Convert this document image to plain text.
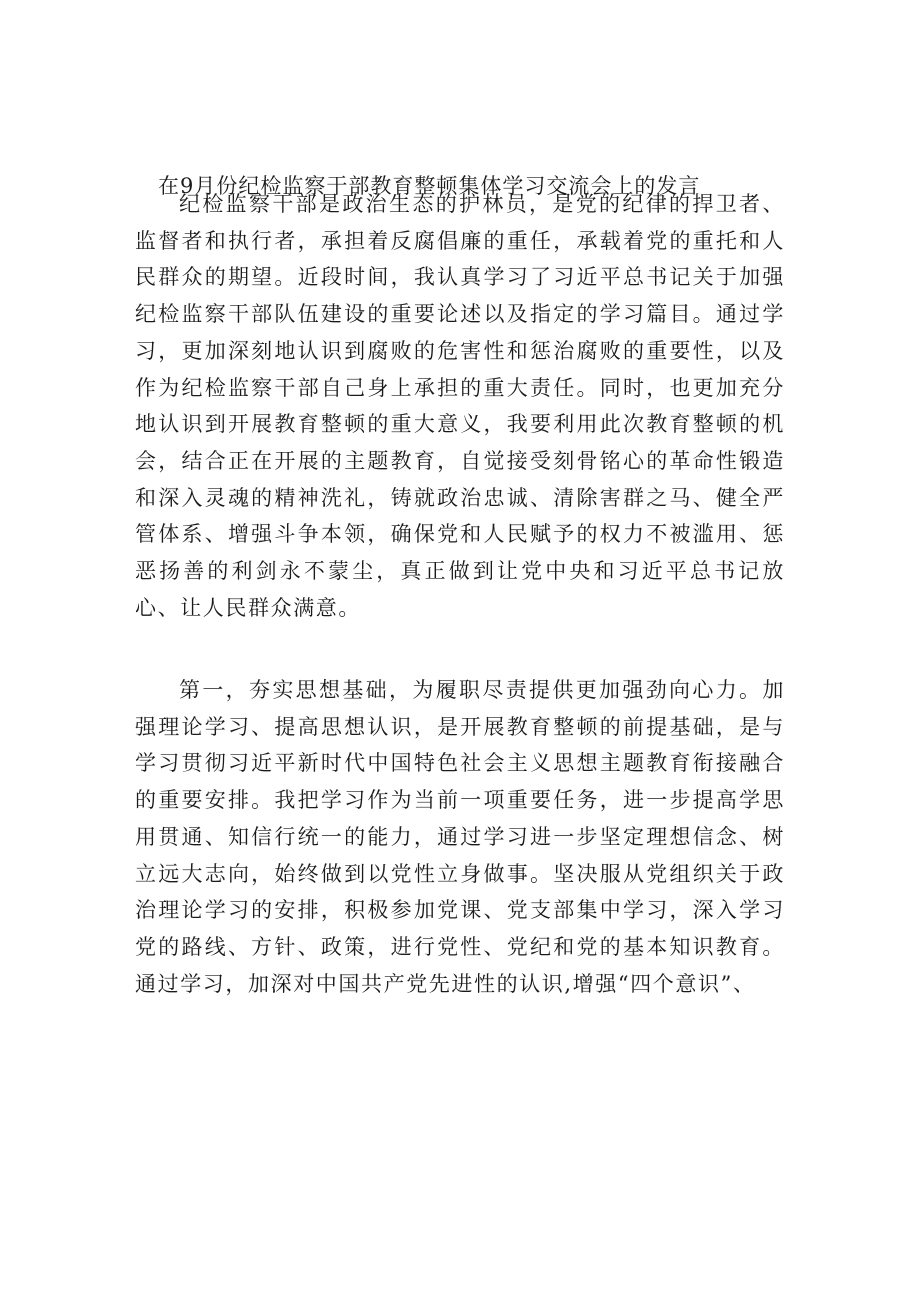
在9月份纪检监察干部教育整顿集体学习交流会上的发言

纪检监察干部是政治生态的护林员，是党的纪律的捍卫者、监督者和执行者，承担着反腐倡廉的重任，承载着党的重托和人民群众的期望。近段时间，我认真学习了习近平总书记关于加强纪检监察干部队伍建设的重要论述以及指定的学习篇目。通过学习，更加深刻地认识到腐败的危害性和惩治腐败的重要性，以及作为纪检监察干部自己身上承担的重大责任。同时，也更加充分地认识到开展教育整顿的重大意义，我要利用此次教育整顿的机会，结合正在开展的主题教育，自觉接受刻骨铭心的革命性锻造和深入灵魂的精神洗礼，铸就政治忠诚、清除害群之马、健全严管体系、增强斗争本领，确保党和人民赋予的权力不被滥用、惩恶扬善的利剑永不蒙尘，真正做到让党中央和习近平总书记放心、让人民群众满意。

第一，夯实思想基础，为履职尽责提供更加强劲向心力。加强理论学习、提高思想认识，是开展教育整顿的前提基础，是与学习贯彻习近平新时代中国特色社会主义思想主题教育衔接融合的重要安排。我把学习作为当前一项重要任务，进一步提高学思用贯通、知信行统一的能力，通过学习进一步坚定理想信念、树立远大志向，始终做到以党性立身做事。坚决服从党组织关于政治理论学习的安排，积极参加党课、党支部集中学习，深入学习党的路线、方针、政策，进行党性、党纪和党的基本知识教育。通过学习，加深对中国共产党先进性的认识,增强“四个意识”、
